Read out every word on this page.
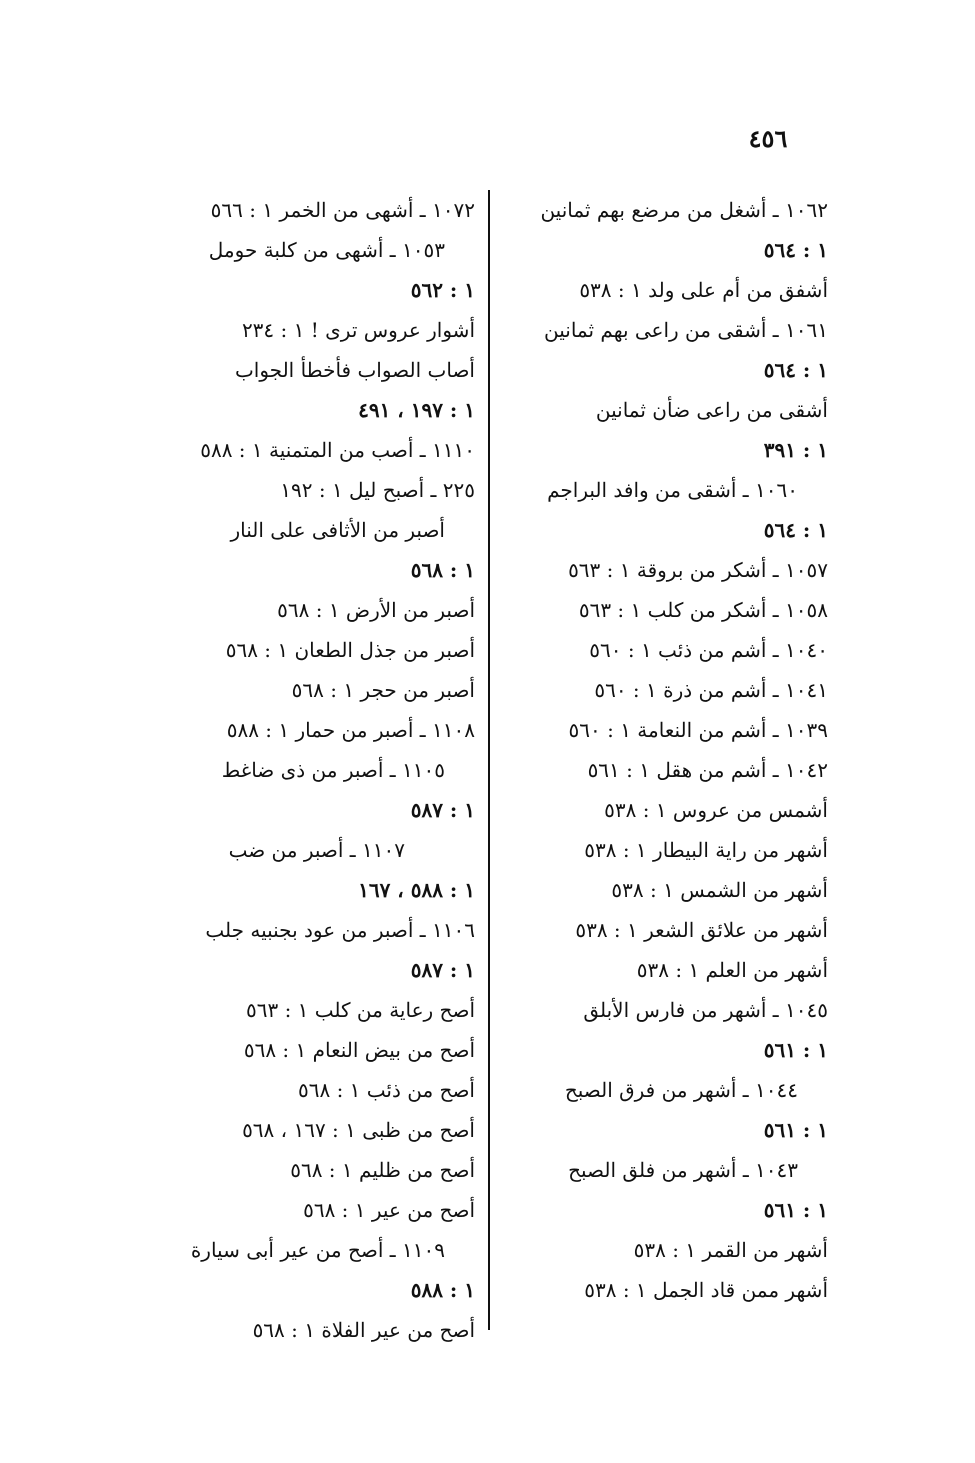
٤٥٦
١٠٦٢ ـ أشغل من مرضع بهم ثمانين
١ : ٥٦٤
أشفق من أم على ولد ١ : ٥٣٨
١٠٦١ ـ أشقى من راعى بهم ثمانين
١ : ٥٦٤
أشقى من راعى ضأن ثمانين
١ : ٣٩١
١٠٦٠ ـ أشقى من وافد البراجم
١ : ٥٦٤
١٠٥٧ ـ أشكر من بروقة ١ : ٥٦٣
١٠٥٨ ـ أشكر من كلب ١ : ٥٦٣
١٠٤٠ ـ أشم من ذئب ١ : ٥٦٠
١٠٤١ ـ أشم من ذرة ١ : ٥٦٠
١٠٣٩ ـ أشم من النعامة ١ : ٥٦٠
١٠٤٢ ـ أشم من هقل ١ : ٥٦١
أشمس من عروس ١ : ٥٣٨
أشهر من راية البيطار ١ : ٥٣٨
أشهر من الشمس ١ : ٥٣٨
أشهر من علائق الشعر ١ : ٥٣٨
أشهر من العلم ١ : ٥٣٨
١٠٤٥ ـ أشهر من فارس الأبلق
١ : ٥٦١
١٠٤٤ ـ أشهر من فرق الصبح
١ : ٥٦١
١٠٤٣ ـ أشهر من فلق الصبح
١ : ٥٦١
أشهر من القمر ١ : ٥٣٨
أشهر ممن قاد الجمل ١ : ٥٣٨
١٠٧٢ ـ أشهى من الخمر ١ : ٥٦٦
١٠٥٣ ـ أشهى من كلبة حومل
١ : ٥٦٢
أشوار عروس ترى ! ١ : ٢٣٤
أصاب الصواب فأخطأ الجواب
١ : ١٩٧ ، ٤٩١
١١١٠ ـ أصب من المتمنية ١ : ٥٨٨
٢٢٥ ـ أصبح ليل ١ : ١٩٢
أصبر من الأثافى على النار
١ : ٥٦٨
أصبر من الأرض ١ : ٥٦٨
أصبر من جذل الطعان ١ : ٥٦٨
أصبر من حجر ١ : ٥٦٨
١١٠٨ ـ أصبر من حمار ١ : ٥٨٨
١١٠٥ ـ أصبر من ذى ضاغط
١ : ٥٨٧
١١٠٧ ـ أصبر من ضب
١ : ٥٨٨ ، ١٦٧
١١٠٦ ـ أصبر من عود بجنبيه جلب
١ : ٥٨٧
أصح رعاية من كلب ١ : ٥٦٣
أصح من بيض النعام ١ : ٥٦٨
أصح من ذئب ١ : ٥٦٨
أصح من ظبى ١ : ١٦٧ ، ٥٦٨
أصح من ظليم ١ : ٥٦٨
أصح من عير ١ : ٥٦٨
١١٠٩ ـ أصح من عير أبى سيارة
١ : ٥٨٨
أصح من عير الفلاة ١ : ٥٦٨
